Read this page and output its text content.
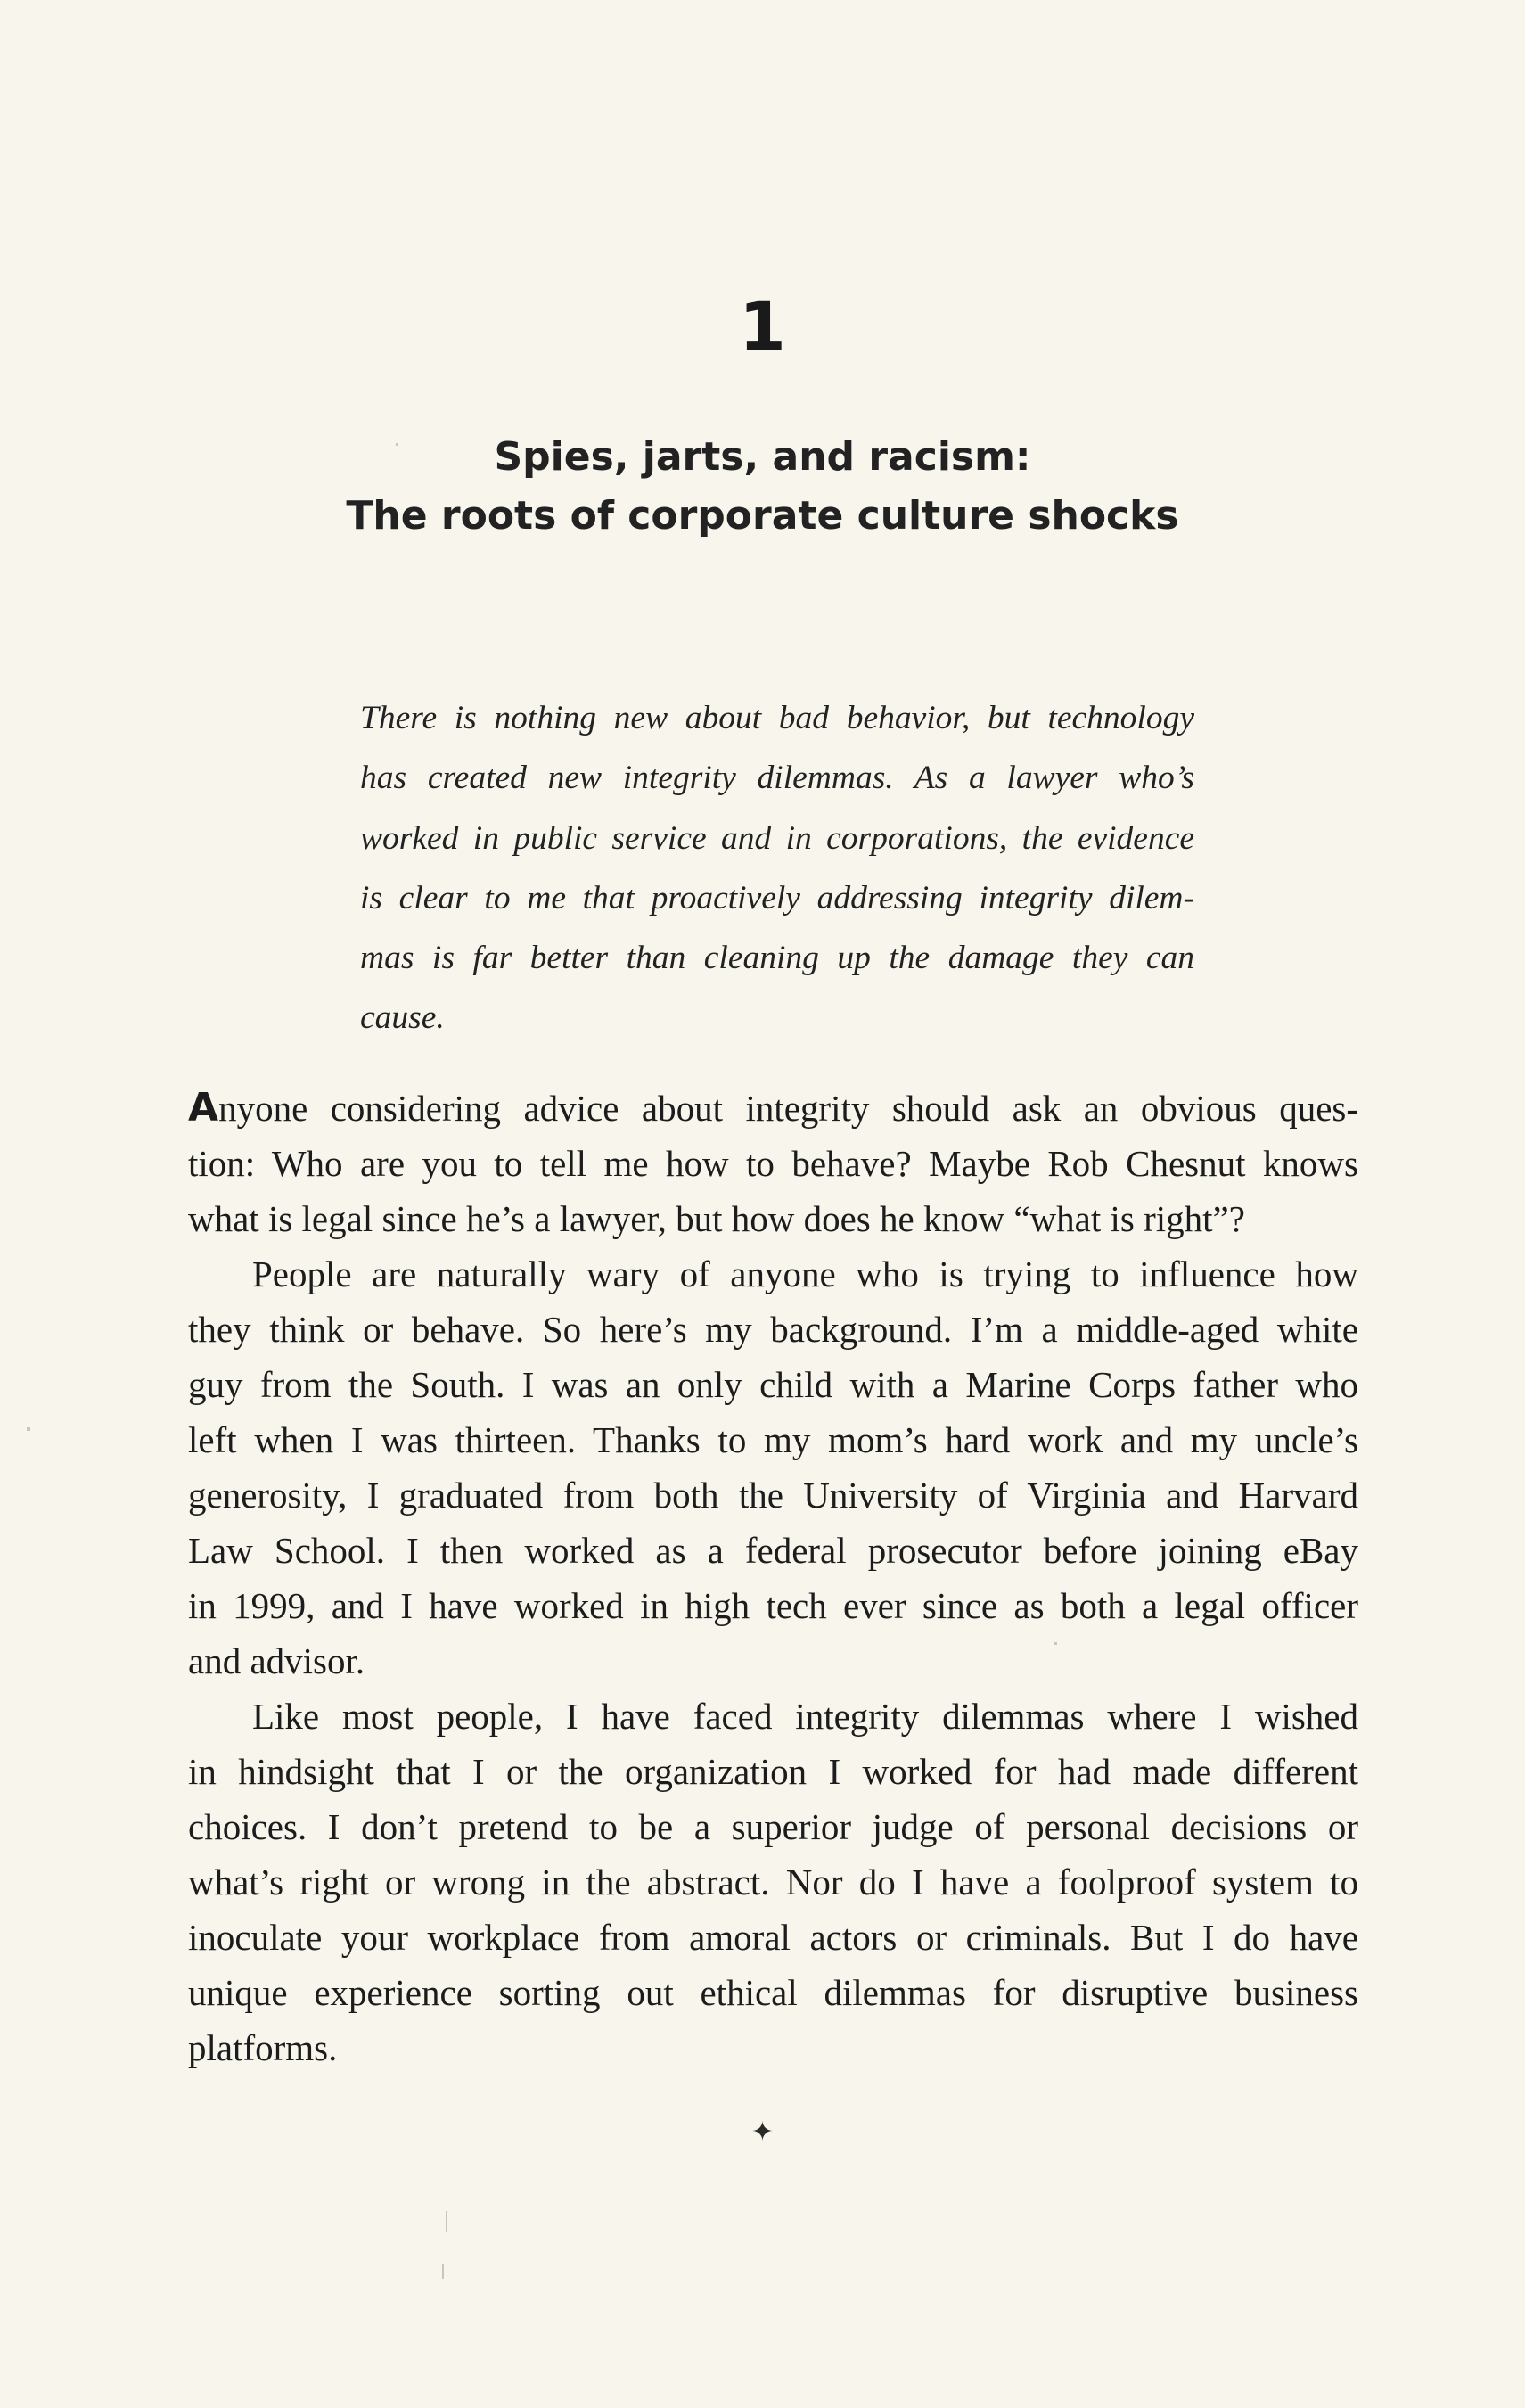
1
Spies, jarts, and racism:
The roots of corporate culture shocks
There is nothing new about bad behavior, but technology
has created new integrity dilemmas. As a lawyer who’s
worked in public service and in corporations, the evidence
is clear to me that proactively addressing integrity dilem-
mas is far better than cleaning up the damage they can
cause.
Anyone considering advice about integrity should ask an obvious ques-
tion: Who are you to tell me how to behave? Maybe Rob Chesnut knows
what is legal since he’s a lawyer, but how does he know “what is right”?
People are naturally wary of anyone who is trying to influence how
they think or behave. So here’s my background. I’m a middle-aged white
guy from the South. I was an only child with a Marine Corps father who
left when I was thirteen. Thanks to my mom’s hard work and my uncle’s
generosity, I graduated from both the University of Virginia and Harvard
Law School. I then worked as a federal prosecutor before joining eBay
in 1999, and I have worked in high tech ever since as both a legal officer
and advisor.
Like most people, I have faced integrity dilemmas where I wished
in hindsight that I or the organization I worked for had made different
choices. I don’t pretend to be a superior judge of personal decisions or
what’s right or wrong in the abstract. Nor do I have a foolproof system to
inoculate your workplace from amoral actors or criminals. But I do have
unique experience sorting out ethical dilemmas for disruptive business
platforms.
✦
